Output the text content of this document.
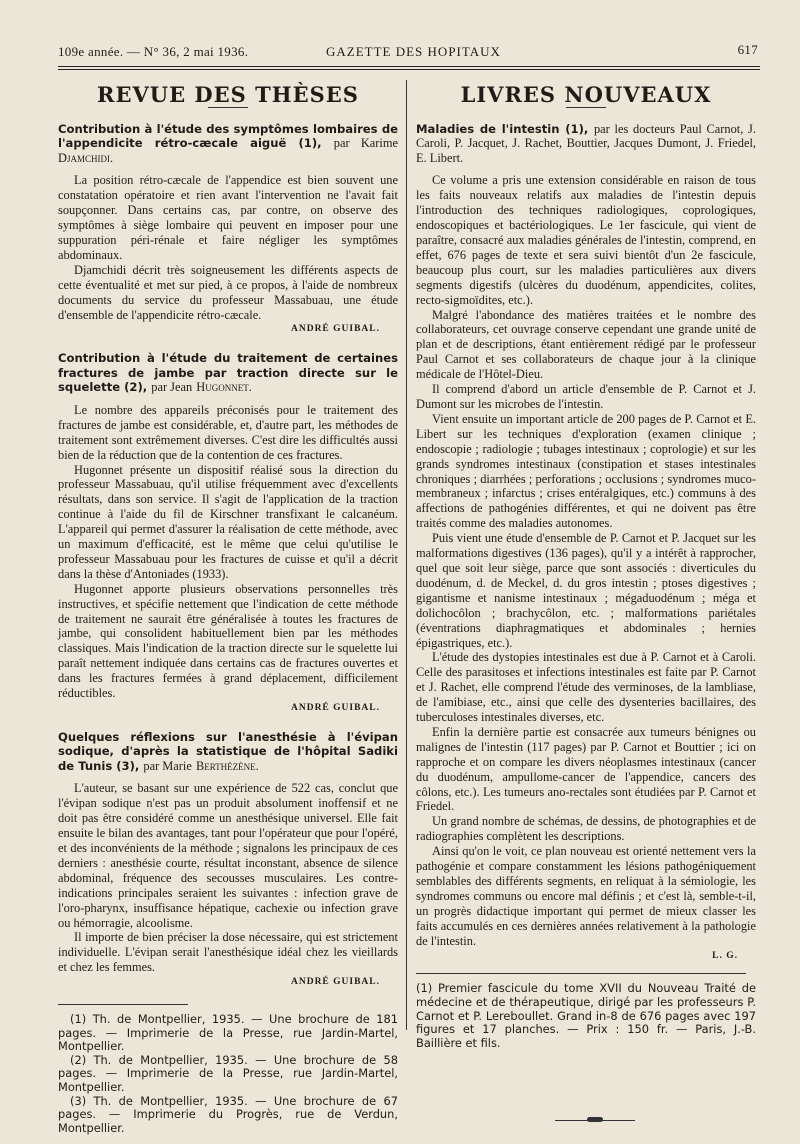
109e année. — N° 36, 2 mai 1936.	GAZETTE DES HOPITAUX	617
REVUE DES THÈSES
Contribution à l'étude des symptômes lombaires de l'appendicite rétro-cæcale aiguë (1), par Karime Djamchidi.

La position rétro-cæcale de l'appendice est bien souvent une constatation opératoire et rien avant l'intervention ne l'avait fait soupçonner. Dans certains cas, par contre, on observe des symptômes à siège lombaire qui peuvent en imposer pour une suppuration péri-rénale et faire négliger les symptômes abdominaux.

Djamchidi décrit très soigneusement les différents aspects de cette éventualité et met sur pied, à ce propos, à l'aide de nombreux documents du service du professeur Massabuau, une étude d'ensemble de l'appendicite rétro-cæcale.

ANDRÉ GUIBAL.
Contribution à l'étude du traitement de certaines fractures de jambe par traction directe sur le squelette (2), par Jean Hugonnet.

Le nombre des appareils préconisés pour le traitement des fractures de jambe est considérable, et, d'autre part, les méthodes de traitement sont extrêmement diverses. C'est dire les difficultés aussi bien de la réduction que de la contention de ces fractures.

Hugonnet présente un dispositif réalisé sous la direction du professeur Massabuau, qu'il utilise fréquemment avec d'excellents résultats, dans son service. Il s'agit de l'application de la traction continue à l'aide du fil de Kirschner transfixant le calcanéum. L'appareil qui permet d'assurer la réalisation de cette méthode, avec un maximum d'efficacité, est le même que celui qu'utilise le professeur Massabuau pour les fractures de cuisse et qu'il a décrit dans la thèse d'Antoniades (1933).

Hugonnet apporte plusieurs observations personnelles très instructives, et spécifie nettement que l'indication de cette méthode de traitement ne saurait être généralisée à toutes les fractures de jambe, qui consolident habituellement bien par les méthodes classiques. Mais l'indication de la traction directe sur le squelette lui paraît nettement indiquée dans certains cas de fractures ouvertes et dans les fractures fermées à grand déplacement, difficilement réductibles.

ANDRÉ GUIBAL.
Quelques réflexions sur l'anesthésie à l'évipan sodique, d'après la statistique de l'hôpital Sadiki de Tunis (3), par Marie Berthézène.

L'auteur, se basant sur une expérience de 522 cas, conclut que l'évipan sodique n'est pas un produit absolument inoffensif et ne doit pas être considéré comme un anesthésique universel. Elle fait ensuite le bilan des avantages, tant pour l'opérateur que pour l'opéré, et des inconvénients de la méthode ; signalons les principaux de ces derniers : anesthésie courte, résultat inconstant, absence de silence abdominal, fréquence des secousses musculaires. Les contre-indications principales seraient les suivantes : infection grave de l'oro-pharynx, insuffisance hépatique, cachexie ou infection grave ou hémorragie, alcoolisme.

Il importe de bien préciser la dose nécessaire, qui est strictement individuelle. L'évipan serait l'anesthésique idéal chez les vieillards et chez les femmes.

ANDRÉ GUIBAL.
(1) Th. de Montpellier, 1935. — Une brochure de 181 pages. — Imprimerie de la Presse, rue Jardin-Martel, Montpellier.
(2) Th. de Montpellier, 1935. — Une brochure de 58 pages. — Imprimerie de la Presse, rue Jardin-Martel, Montpellier.
(3) Th. de Montpellier, 1935. — Une brochure de 67 pages. — Imprimerie du Progrès, rue de Verdun, Montpellier.
LIVRES NOUVEAUX
Maladies de l'intestin (1), par les docteurs Paul Carnot, J. Caroli, P. Jacquet, J. Rachet, Bouttier, Jacques Dumont, J. Friedel, E. Libert.

Ce volume a pris une extension considérable en raison de tous les faits nouveaux relatifs aux maladies de l'intestin depuis l'introduction des techniques radiologiques, coprologiques, endoscopiques et bactériologiques. Le 1er fascicule, qui vient de paraître, consacré aux maladies générales de l'intestin, comprend, en effet, 676 pages de texte et sera suivi bientôt d'un 2e fascicule, beaucoup plus court, sur les maladies particulières aux divers segments digestifs (ulcères du duodénum, appendicites, colites, recto-sigmoïdites, etc.).

Malgré l'abondance des matières traitées et le nombre des collaborateurs, cet ouvrage conserve cependant une grande unité de plan et de descriptions, étant entièrement rédigé par le professeur Paul Carnot et ses collaborateurs de chaque jour à la clinique médicale de l'Hôtel-Dieu.

Il comprend d'abord un article d'ensemble de P. Carnot et J. Dumont sur les microbes de l'intestin.

Vient ensuite un important article de 200 pages de P. Carnot et E. Libert sur les techniques d'exploration (examen clinique ; endoscopie ; radiologie ; tubages intestinaux ; coprologie) et sur les grands syndromes intestinaux (constipation et stases intestinales chroniques ; diarrhées ; perforations ; occlusions ; syndromes muco-membraneux ; infarctus ; crises entéralgiques, etc.) communs à des affections de pathogénies différentes, et qui ne doivent pas être traités comme des maladies autonomes.

Puis vient une étude d'ensemble de P. Carnot et P. Jacquet sur les malformations digestives (136 pages), qu'il y a intérêt à rapprocher, quel que soit leur siège, parce que sont associés : diverticules du duodénum, d. de Meckel, d. du gros intestin ; ptoses digestives ; gigantisme et nanisme intestinaux ; mégaduodénum ; méga et dolichocôlon ; brachycôlon, etc. ; malformations pariétales (éventrations diaphragmatiques et abdominales ; hernies épigastriques, etc.).

L'étude des dystopies intestinales est due à P. Carnot et à Caroli. Celle des parasitoses et infections intestinales est faite par P. Carnot et J. Rachet, elle comprend l'étude des verminoses, de la lambliase, de l'amibiase, etc., ainsi que celle des dysenteries bacillaires, des tuberculoses intestinales diverses, etc.

Enfin la dernière partie est consacrée aux tumeurs bénignes ou malignes de l'intestin (117 pages) par P. Carnot et Bouttier ; ici on rapproche et on compare les divers néoplasmes intestinaux (cancer du duodénum, ampullome-cancer de l'appendice, cancers des côlons, etc.). Les tumeurs ano-rectales sont étudiées par P. Carnot et Friedel.

Un grand nombre de schémas, de dessins, de photographies et de radiographies complètent les descriptions.

Ainsi qu'on le voit, ce plan nouveau est orienté nettement vers la pathogénie et compare constamment les lésions pathogéniquement semblables des différents segments, en reliquat à la sémiologie, les syndromes communs ou encore mal définis ; et c'est là, semble-t-il, un progrès didactique important qui permet de mieux classer les faits accumulés en ces dernières années relativement à la pathologie de l'intestin.

L. G.
(1) Premier fascicule du tome XVII du Nouveau Traité de médecine et de thérapeutique, dirigé par les professeurs P. Carnot et P. Lereboullet. Grand in-8 de 676 pages avec 197 figures et 17 planches. — Prix : 150 fr. — Paris, J.-B. Baillière et fils.
